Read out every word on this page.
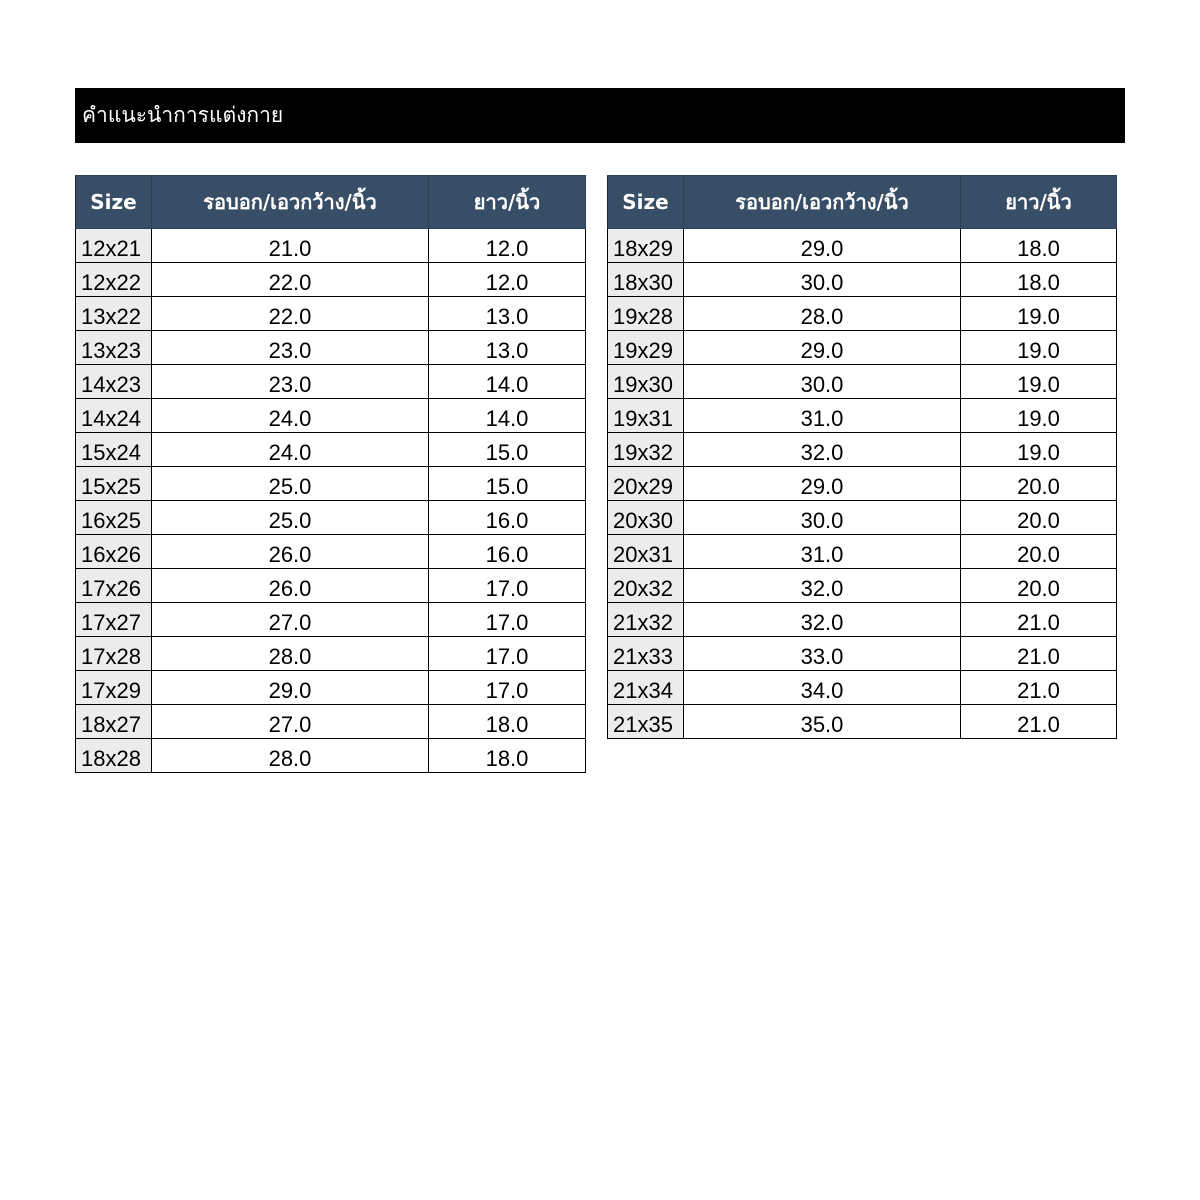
คำแนะนำการแต่งกาย
Size	รอบอก/เอวกว้าง/นิ้ว	ยาว/นิ้ว
12x21	21.0	12.0
12x22	22.0	12.0
13x22	22.0	13.0
13x23	23.0	13.0
14x23	23.0	14.0
14x24	24.0	14.0
15x24	24.0	15.0
15x25	25.0	15.0
16x25	25.0	16.0
16x26	26.0	16.0
17x26	26.0	17.0
17x27	27.0	17.0
17x28	28.0	17.0
17x29	29.0	17.0
18x27	27.0	18.0
18x28	28.0	18.0
Size	รอบอก/เอวกว้าง/นิ้ว	ยาว/นิ้ว
18x29	29.0	18.0
18x30	30.0	18.0
19x28	28.0	19.0
19x29	29.0	19.0
19x30	30.0	19.0
19x31	31.0	19.0
19x32	32.0	19.0
20x29	29.0	20.0
20x30	30.0	20.0
20x31	31.0	20.0
20x32	32.0	20.0
21x32	32.0	21.0
21x33	33.0	21.0
21x34	34.0	21.0
21x35	35.0	21.0
